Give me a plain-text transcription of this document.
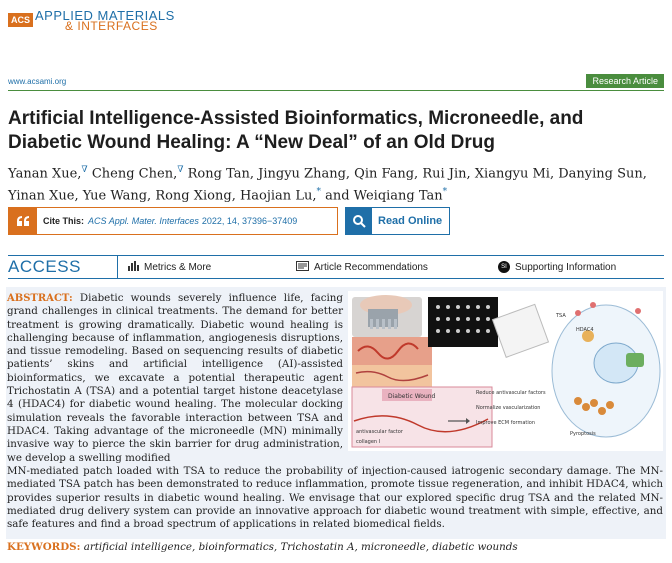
ACS APPLIED MATERIALS
& INTERFACES
www.acsami.org	Research Article
Artificial Intelligence-Assisted Bioinformatics, Microneedle, and Diabetic Wound Healing: A “New Deal” of an Old Drug
Yanan Xue,∇ Cheng Chen,∇ Rong Tan, Jingyu Zhang, Qin Fang, Rui Jin, Xiangyu Mi, Danying Sun, Yinan Xue, Yue Wang, Rong Xiong, Haojian Lu,* and Weiqiang Tan*
Cite This: ACS Appl. Mater. Interfaces 2022, 14, 37396−37409	Read Online
ACCESS	Metrics & More	Article Recommendations	SI Supporting Information
ABSTRACT: Diabetic wounds severely influence life, facing grand challenges in clinical treatments. The demand for better treatment is growing dramatically. Diabetic wound healing is challenging because of inflammation, angiogenesis disruptions, and tissue remodeling. Based on sequencing results of diabetic patients’ skins and artificial intelligence (AI)-assisted bioinformatics, we excavate a potential therapeutic agent Trichostatin A (TSA) and a potential target histone deacetylase 4 (HDAC4) for diabetic wound healing. The molecular docking simulation reveals the favorable interaction between TSA and HDAC4. Taking advantage of the microneedle (MN) minimally invasive way to pierce the skin barrier for drug administration, we develop a swelling modified
Diabetic Wound
antivascular factor
collagen I
Reduce antivascular factors
Normalize vascularization
Improve ECM formation
HDAC4
Pyroptosis
TSA
MN-mediated patch loaded with TSA to reduce the probability of injection-caused iatrogenic secondary damage. The MN-mediated TSA patch has been demonstrated to reduce inflammation, promote tissue regeneration, and inhibit HDAC4, which provides superior results in diabetic wound healing. We envisage that our explored specific drug TSA and the related MN-mediated drug delivery system can provide an innovative approach for diabetic wound treatment with simple, effective, and safe features and find a broad spectrum of applications in related biomedical fields.
KEYWORDS: artificial intelligence, bioinformatics, Trichostatin A, microneedle, diabetic wounds
